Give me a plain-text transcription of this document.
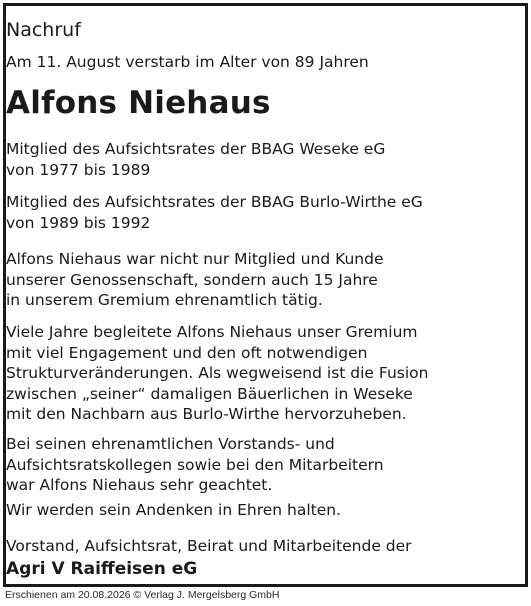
Nachruf
Am 11. August verstarb im Alter von 89 Jahren
Alfons Niehaus
Mitglied des Aufsichtsrates der BBAG Weseke eG
von 1977 bis 1989
Mitglied des Aufsichtsrates der BBAG Burlo-Wirthe eG
von 1989 bis 1992
Alfons Niehaus war nicht nur Mitglied und Kunde
unserer Genossenschaft, sondern auch 15 Jahre
in unserem Gremium ehrenamtlich tätig.
Viele Jahre begleitete Alfons Niehaus unser Gremium
mit viel Engagement und den oft notwendigen
Strukturveränderungen. Als wegweisend ist die Fusion
zwischen „seiner“ damaligen Bäuerlichen in Weseke
mit den Nachbarn aus Burlo-Wirthe hervorzuheben.
Bei seinen ehrenamtlichen Vorstands- und
Aufsichtsratskollegen sowie bei den Mitarbeitern
war Alfons Niehaus sehr geachtet.
Wir werden sein Andenken in Ehren halten.
Vorstand, Aufsichtsrat, Beirat und Mitarbeitende der
Agri V Raiffeisen eG
Erschienen am 20.08.2026 © Verlag J. Mergelsberg GmbH
